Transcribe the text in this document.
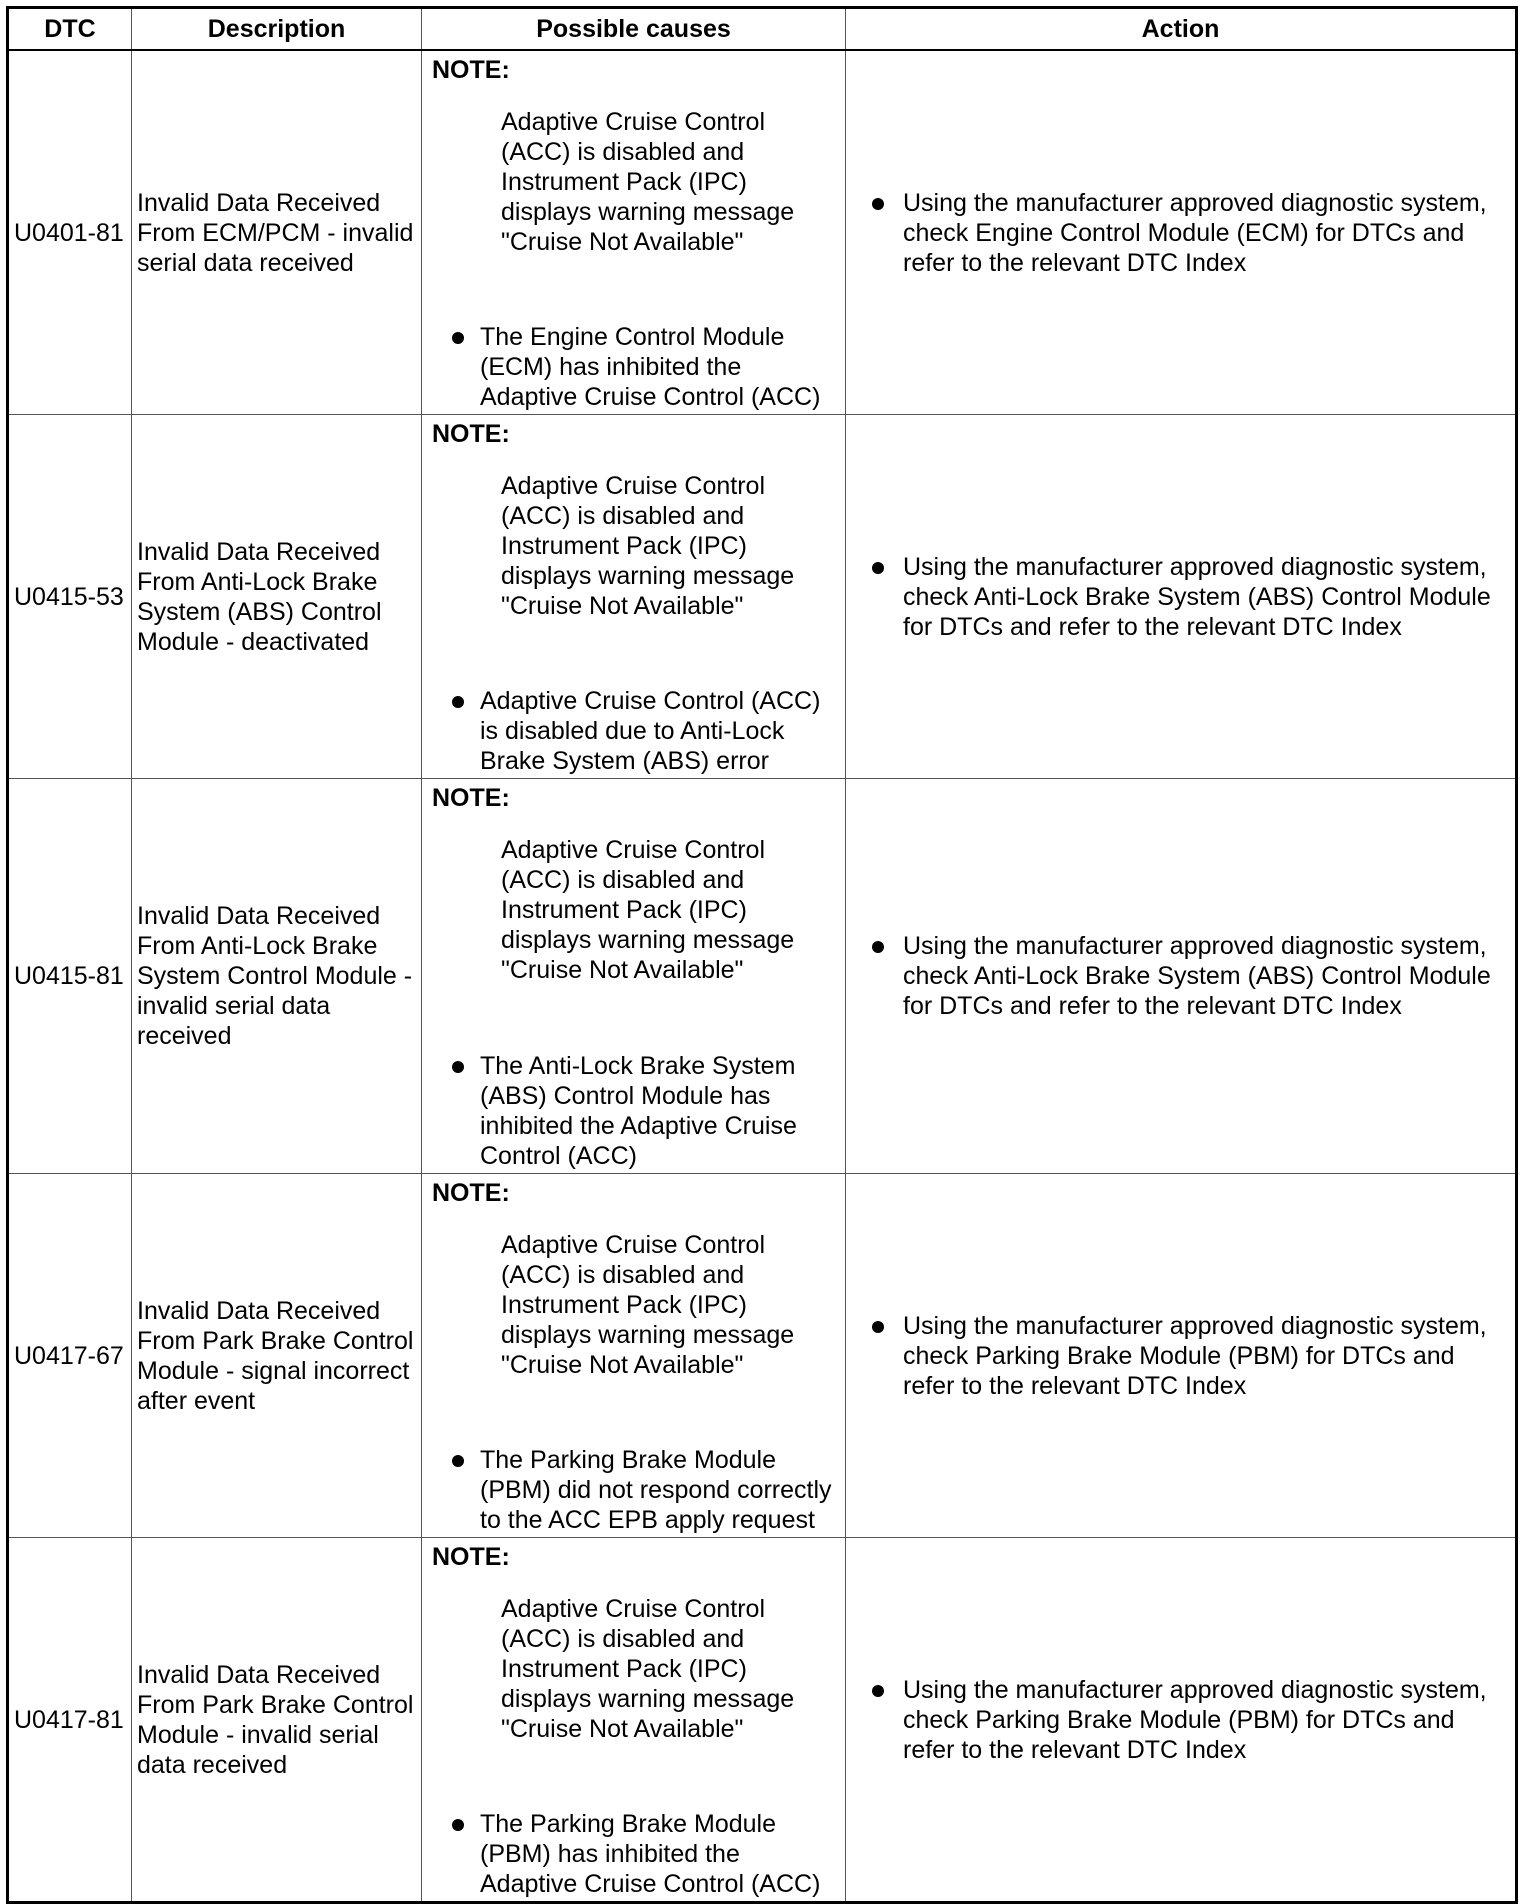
DTC	Description	Possible causes	Action
U0401-81	Invalid Data Received From ECM/PCM - invalid serial data received	NOTE:
Adaptive Cruise Control (ACC) is disabled and Instrument Pack (IPC) displays warning message "Cruise Not Available"
The Engine Control Module (ECM) has inhibited the Adaptive Cruise Control (ACC)	Using the manufacturer approved diagnostic system, check Engine Control Module (ECM) for DTCs and refer to the relevant DTC Index

U0415-53	Invalid Data Received From Anti-Lock Brake System (ABS) Control Module - deactivated	NOTE:
Adaptive Cruise Control (ACC) is disabled and Instrument Pack (IPC) displays warning message "Cruise Not Available"
Adaptive Cruise Control (ACC) is disabled due to Anti-Lock Brake System (ABS) error	Using the manufacturer approved diagnostic system, check Anti-Lock Brake System (ABS) Control Module for DTCs and refer to the relevant DTC Index

U0415-81	Invalid Data Received From Anti-Lock Brake System Control Module - invalid serial data received	NOTE:
Adaptive Cruise Control (ACC) is disabled and Instrument Pack (IPC) displays warning message "Cruise Not Available"
The Anti-Lock Brake System (ABS) Control Module has inhibited the Adaptive Cruise Control (ACC)	Using the manufacturer approved diagnostic system, check Anti-Lock Brake System (ABS) Control Module for DTCs and refer to the relevant DTC Index

U0417-67	Invalid Data Received From Park Brake Control Module - signal incorrect after event	NOTE:
Adaptive Cruise Control (ACC) is disabled and Instrument Pack (IPC) displays warning message "Cruise Not Available"
The Parking Brake Module (PBM) did not respond correctly to the ACC EPB apply request	Using the manufacturer approved diagnostic system, check Parking Brake Module (PBM) for DTCs and refer to the relevant DTC Index

U0417-81	Invalid Data Received From Park Brake Control Module - invalid serial data received	NOTE:
Adaptive Cruise Control (ACC) is disabled and Instrument Pack (IPC) displays warning message "Cruise Not Available"
The Parking Brake Module (PBM) has inhibited the Adaptive Cruise Control (ACC)	Using the manufacturer approved diagnostic system, check Parking Brake Module (PBM) for DTCs and refer to the relevant DTC Index
